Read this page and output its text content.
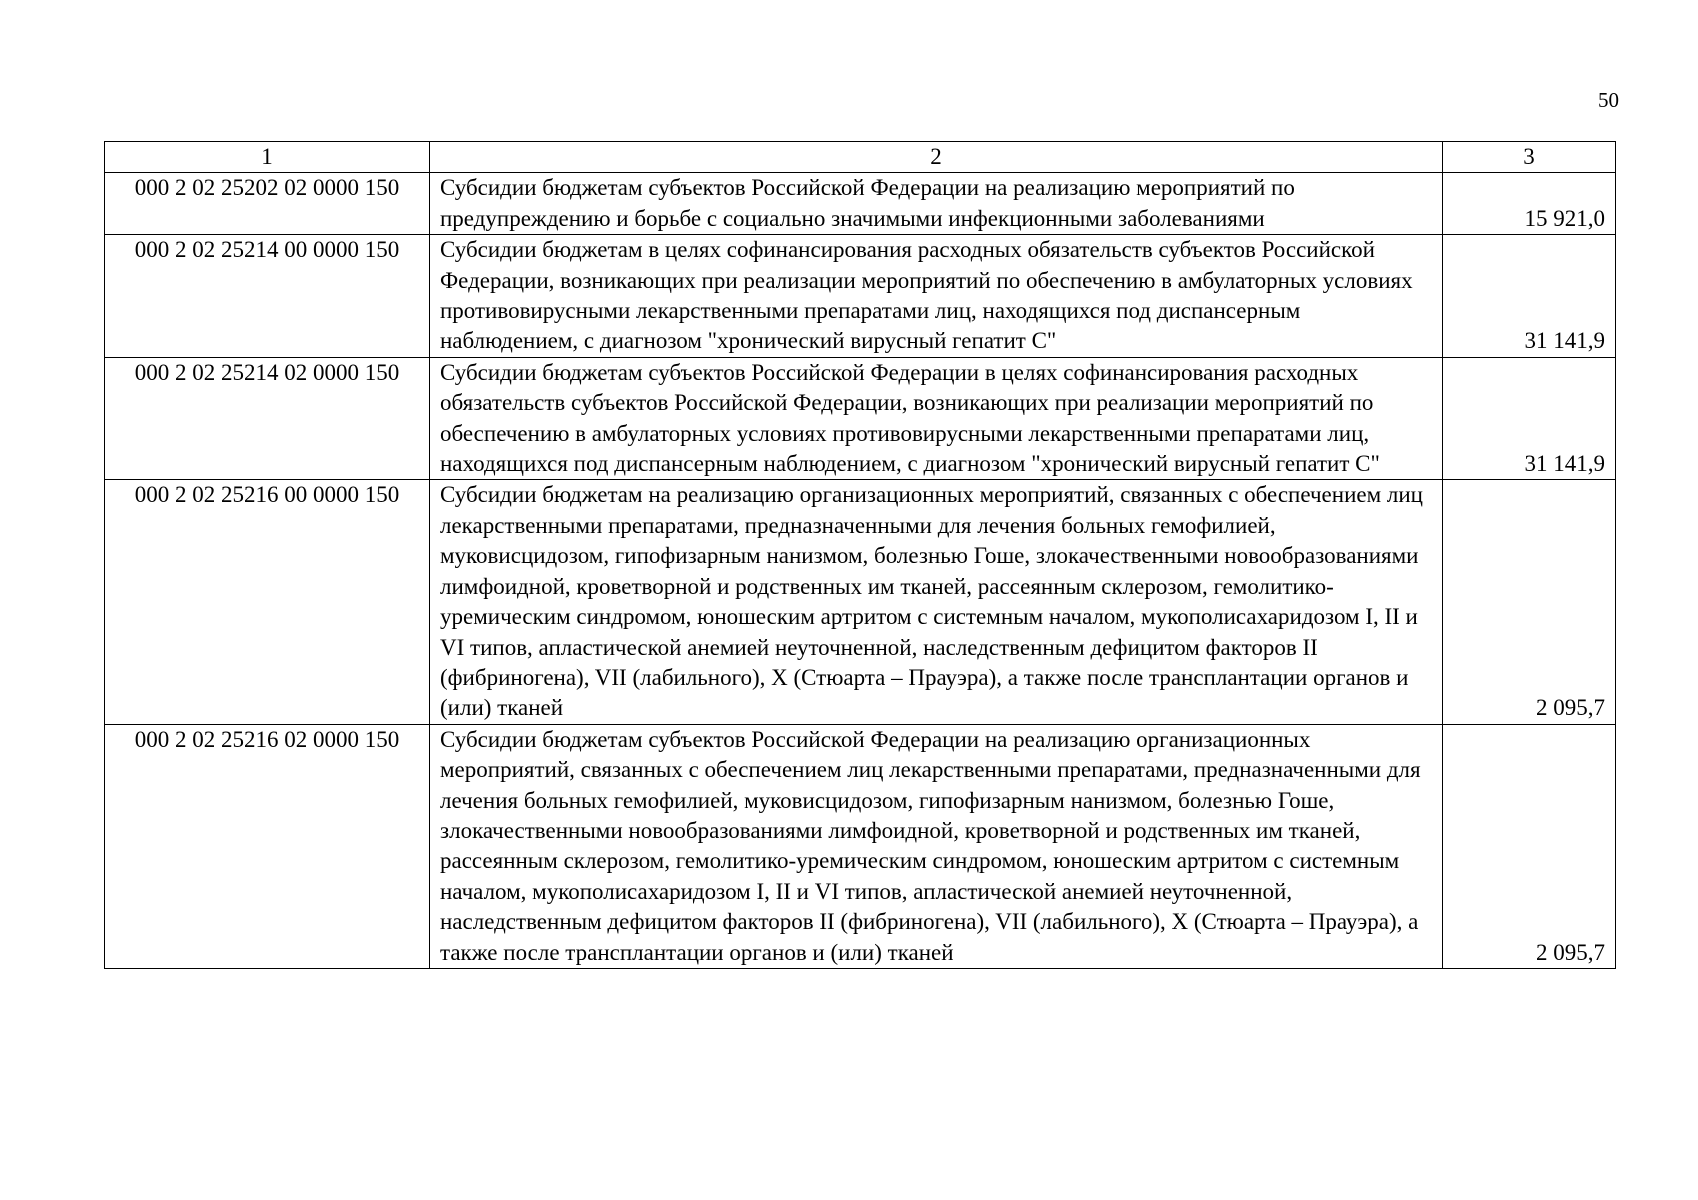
50
1	2	3
000 2 02 25202 02 0000 150	Субсидии бюджетам субъектов Российской Федерации на реализацию мероприятий по предупреждению и борьбе с социально значимыми инфекционными заболеваниями	15 921,0
000 2 02 25214 00 0000 150	Субсидии бюджетам в целях софинансирования расходных обязательств субъектов Российской Федерации, возникающих при реализации мероприятий по обеспечению в амбулаторных условиях противовирусными лекарственными препаратами лиц, находящихся под диспансерным наблюдением, с диагнозом "хронический вирусный гепатит С"	31 141,9
000 2 02 25214 02 0000 150	Субсидии бюджетам субъектов Российской Федерации в целях софинансирования расходных обязательств субъектов Российской Федерации, возникающих при реализации мероприятий по обеспечению в амбулаторных условиях противовирусными лекарственными препаратами лиц, находящихся под диспансерным наблюдением, с диагнозом "хронический вирусный гепатит С"	31 141,9
000 2 02 25216 00 0000 150	Субсидии бюджетам на реализацию организационных мероприятий, связанных с обеспечением лиц лекарственными препаратами, предназначенными для лечения больных гемофилией, муковисцидозом, гипофизарным нанизмом, болезнью Гоше, злокачественными новообразованиями лимфоидной, кроветворной и родственных им тканей, рассеянным склерозом, гемолитико-уремическим синдромом, юношеским артритом с системным началом, мукополисахаридозом I, II и VI типов, апластической анемией неуточненной, наследственным дефицитом факторов II (фибриногена), VII (лабильного), X (Стюарта – Прауэра), а также после трансплантации органов и (или) тканей	2 095,7
000 2 02 25216 02 0000 150	Субсидии бюджетам субъектов Российской Федерации на реализацию организационных мероприятий, связанных с обеспечением лиц лекарственными препаратами, предназначенными для лечения больных гемофилией, муковисцидозом, гипофизарным нанизмом, болезнью Гоше, злокачественными новообразованиями лимфоидной, кроветворной и родственных им тканей, рассеянным склерозом, гемолитико-уремическим синдромом, юношеским артритом с системным началом, мукополисахаридозом I, II и VI типов, апластической анемией неуточненной, наследственным дефицитом факторов II (фибриногена), VII (лабильного), X (Стюарта – Прауэра), а также после трансплантации органов и (или) тканей	2 095,7
